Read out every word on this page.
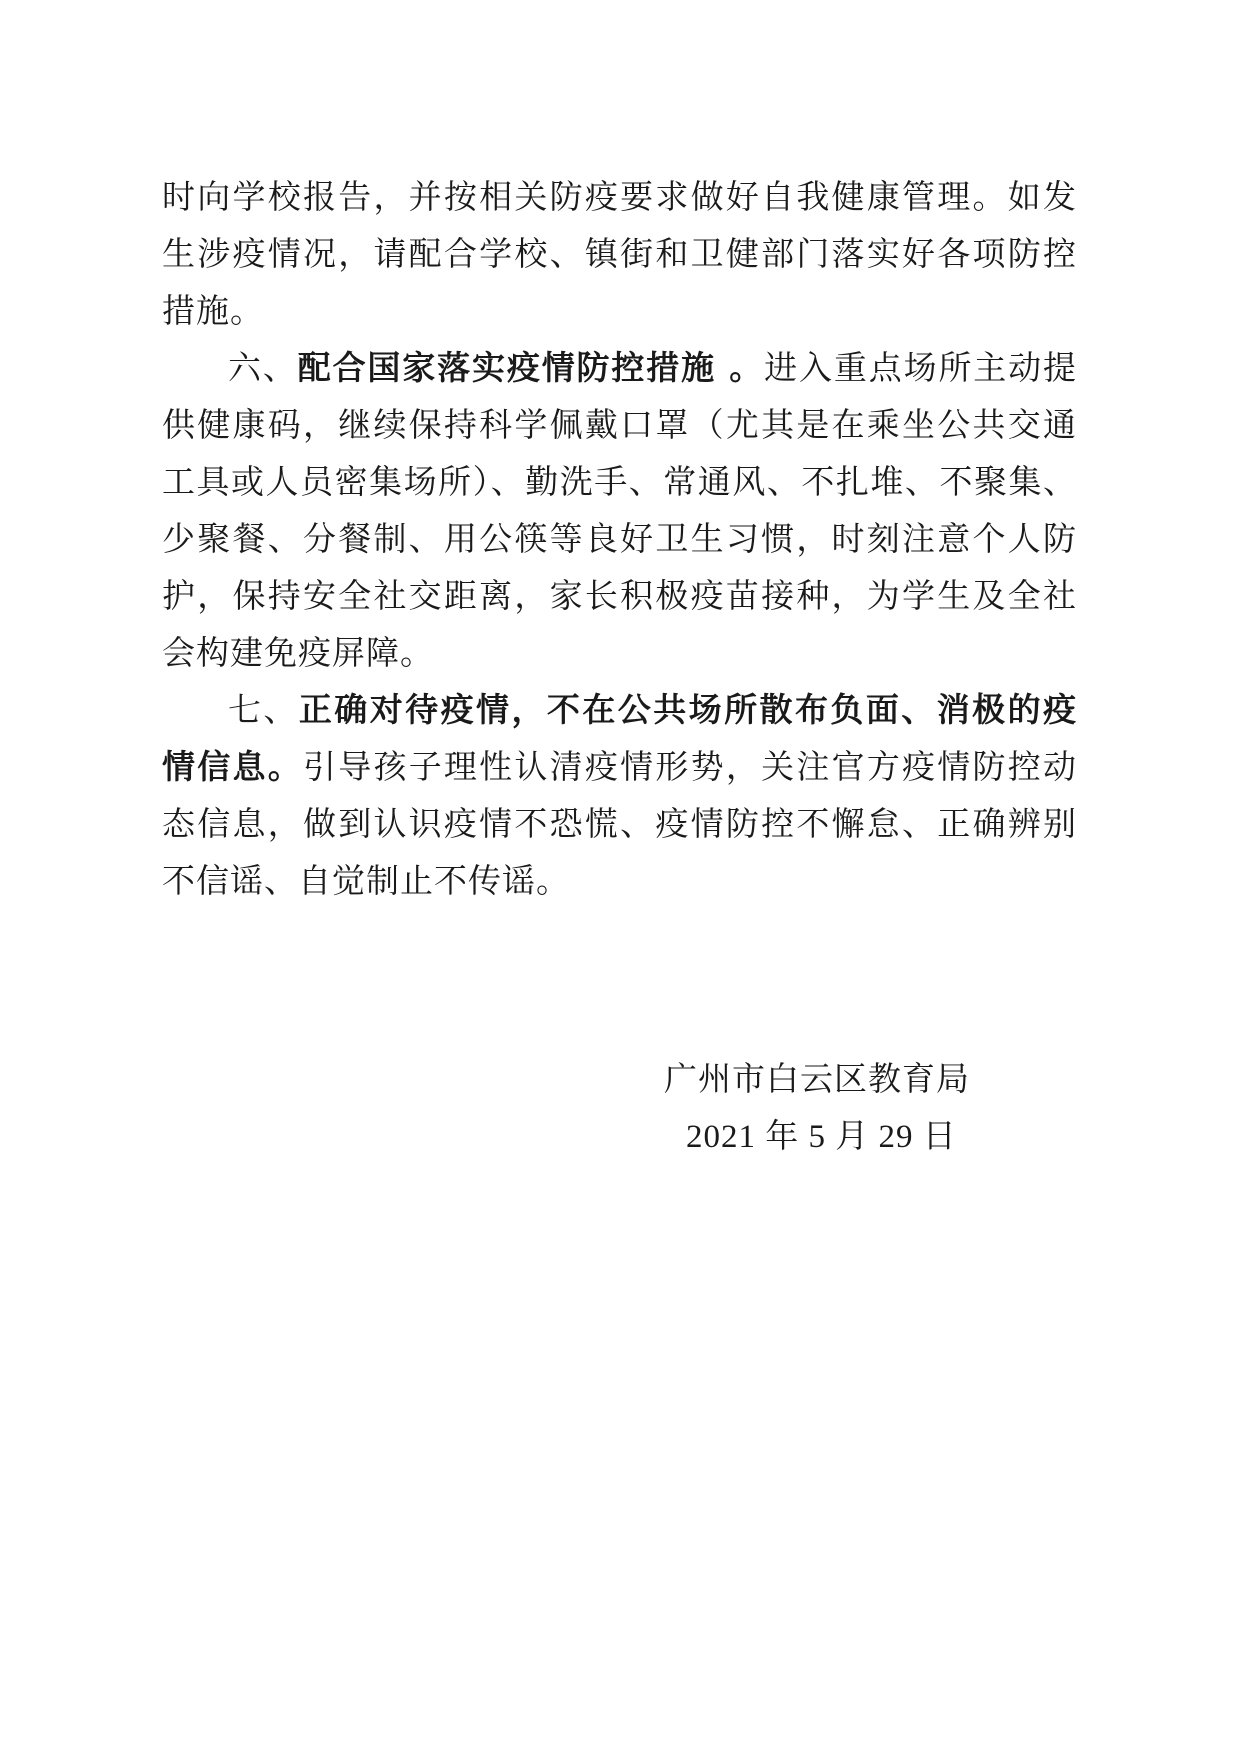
时向学校报告，并按相关防疫要求做好自我健康管理。如发生涉疫情况，请配合学校、镇街和卫健部门落实好各项防控措施。

六、配合国家落实疫情防控措施 。进入重点场所主动提供健康码，继续保持科学佩戴口罩（尤其是在乘坐公共交通工具或人员密集场所）、勤洗手、常通风、不扎堆、不聚集、少聚餐、分餐制、用公筷等良好卫生习惯，时刻注意个人防护，保持安全社交距离，家长积极疫苗接种，为学生及全社会构建免疫屏障。

七、正确对待疫情，不在公共场所散布负面、消极的疫情信息。引导孩子理性认清疫情形势，关注官方疫情防控动态信息，做到认识疫情不恐慌、疫情防控不懈怠、正确辨别不信谣、自觉制止不传谣。

广州市白云区教育局
2021 年 5 月 29 日
